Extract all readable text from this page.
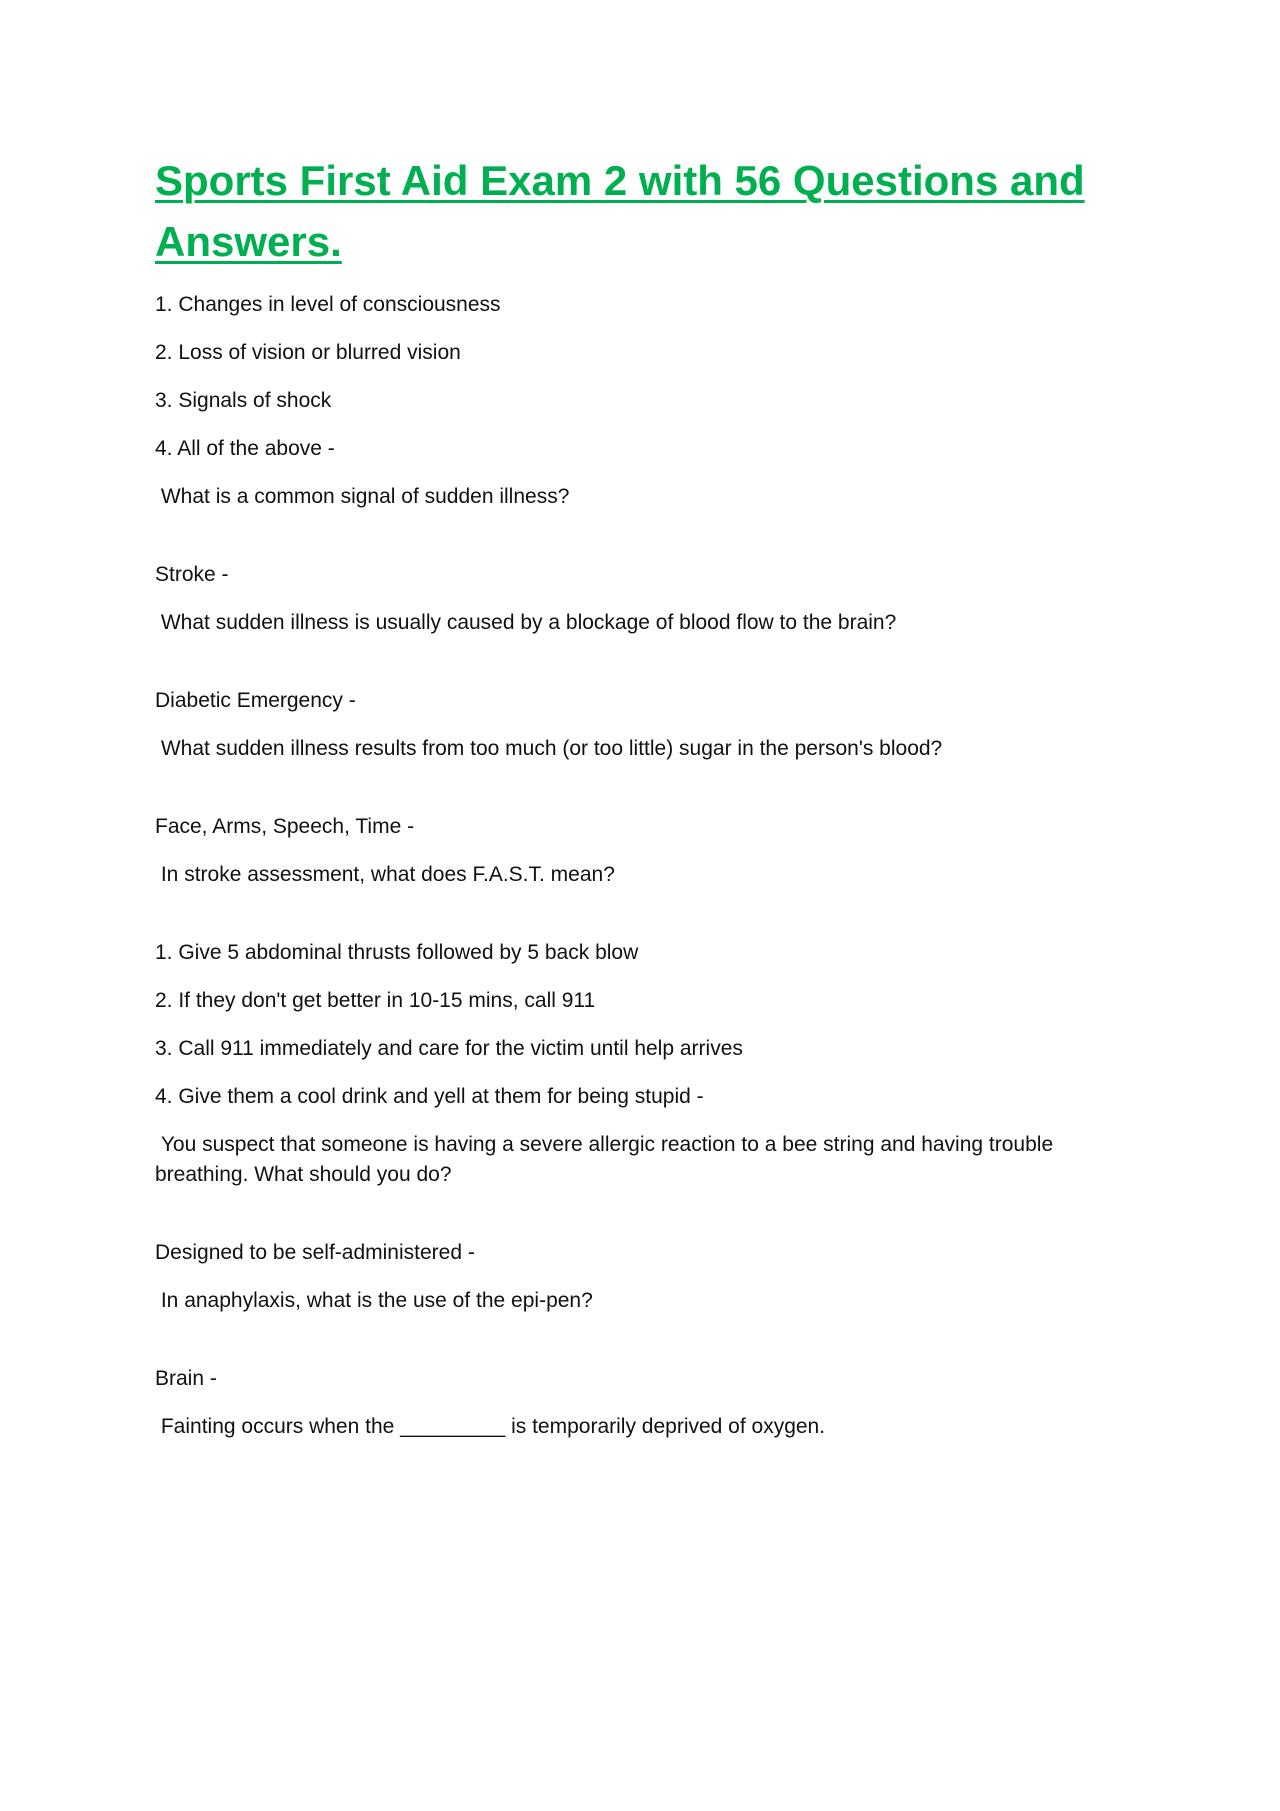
Sports First Aid Exam 2 with 56 Questions and Answers.

1. Changes in level of consciousness

2. Loss of vision or blurred vision

3. Signals of shock

4. All of the above -

What is a common signal of sudden illness?

Stroke -

What sudden illness is usually caused by a blockage of blood flow to the brain?

Diabetic Emergency -

What sudden illness results from too much (or too little) sugar in the person's blood?

Face, Arms, Speech, Time -

In stroke assessment, what does F.A.S.T. mean?

1. Give 5 abdominal thrusts followed by 5 back blow

2. If they don't get better in 10-15 mins, call 911

3. Call 911 immediately and care for the victim until help arrives

4. Give them a cool drink and yell at them for being stupid -

You suspect that someone is having a severe allergic reaction to a bee string and having trouble breathing. What should you do?

Designed to be self-administered -

In anaphylaxis, what is the use of the epi-pen?

Brain -

Fainting occurs when the _________ is temporarily deprived of oxygen.
